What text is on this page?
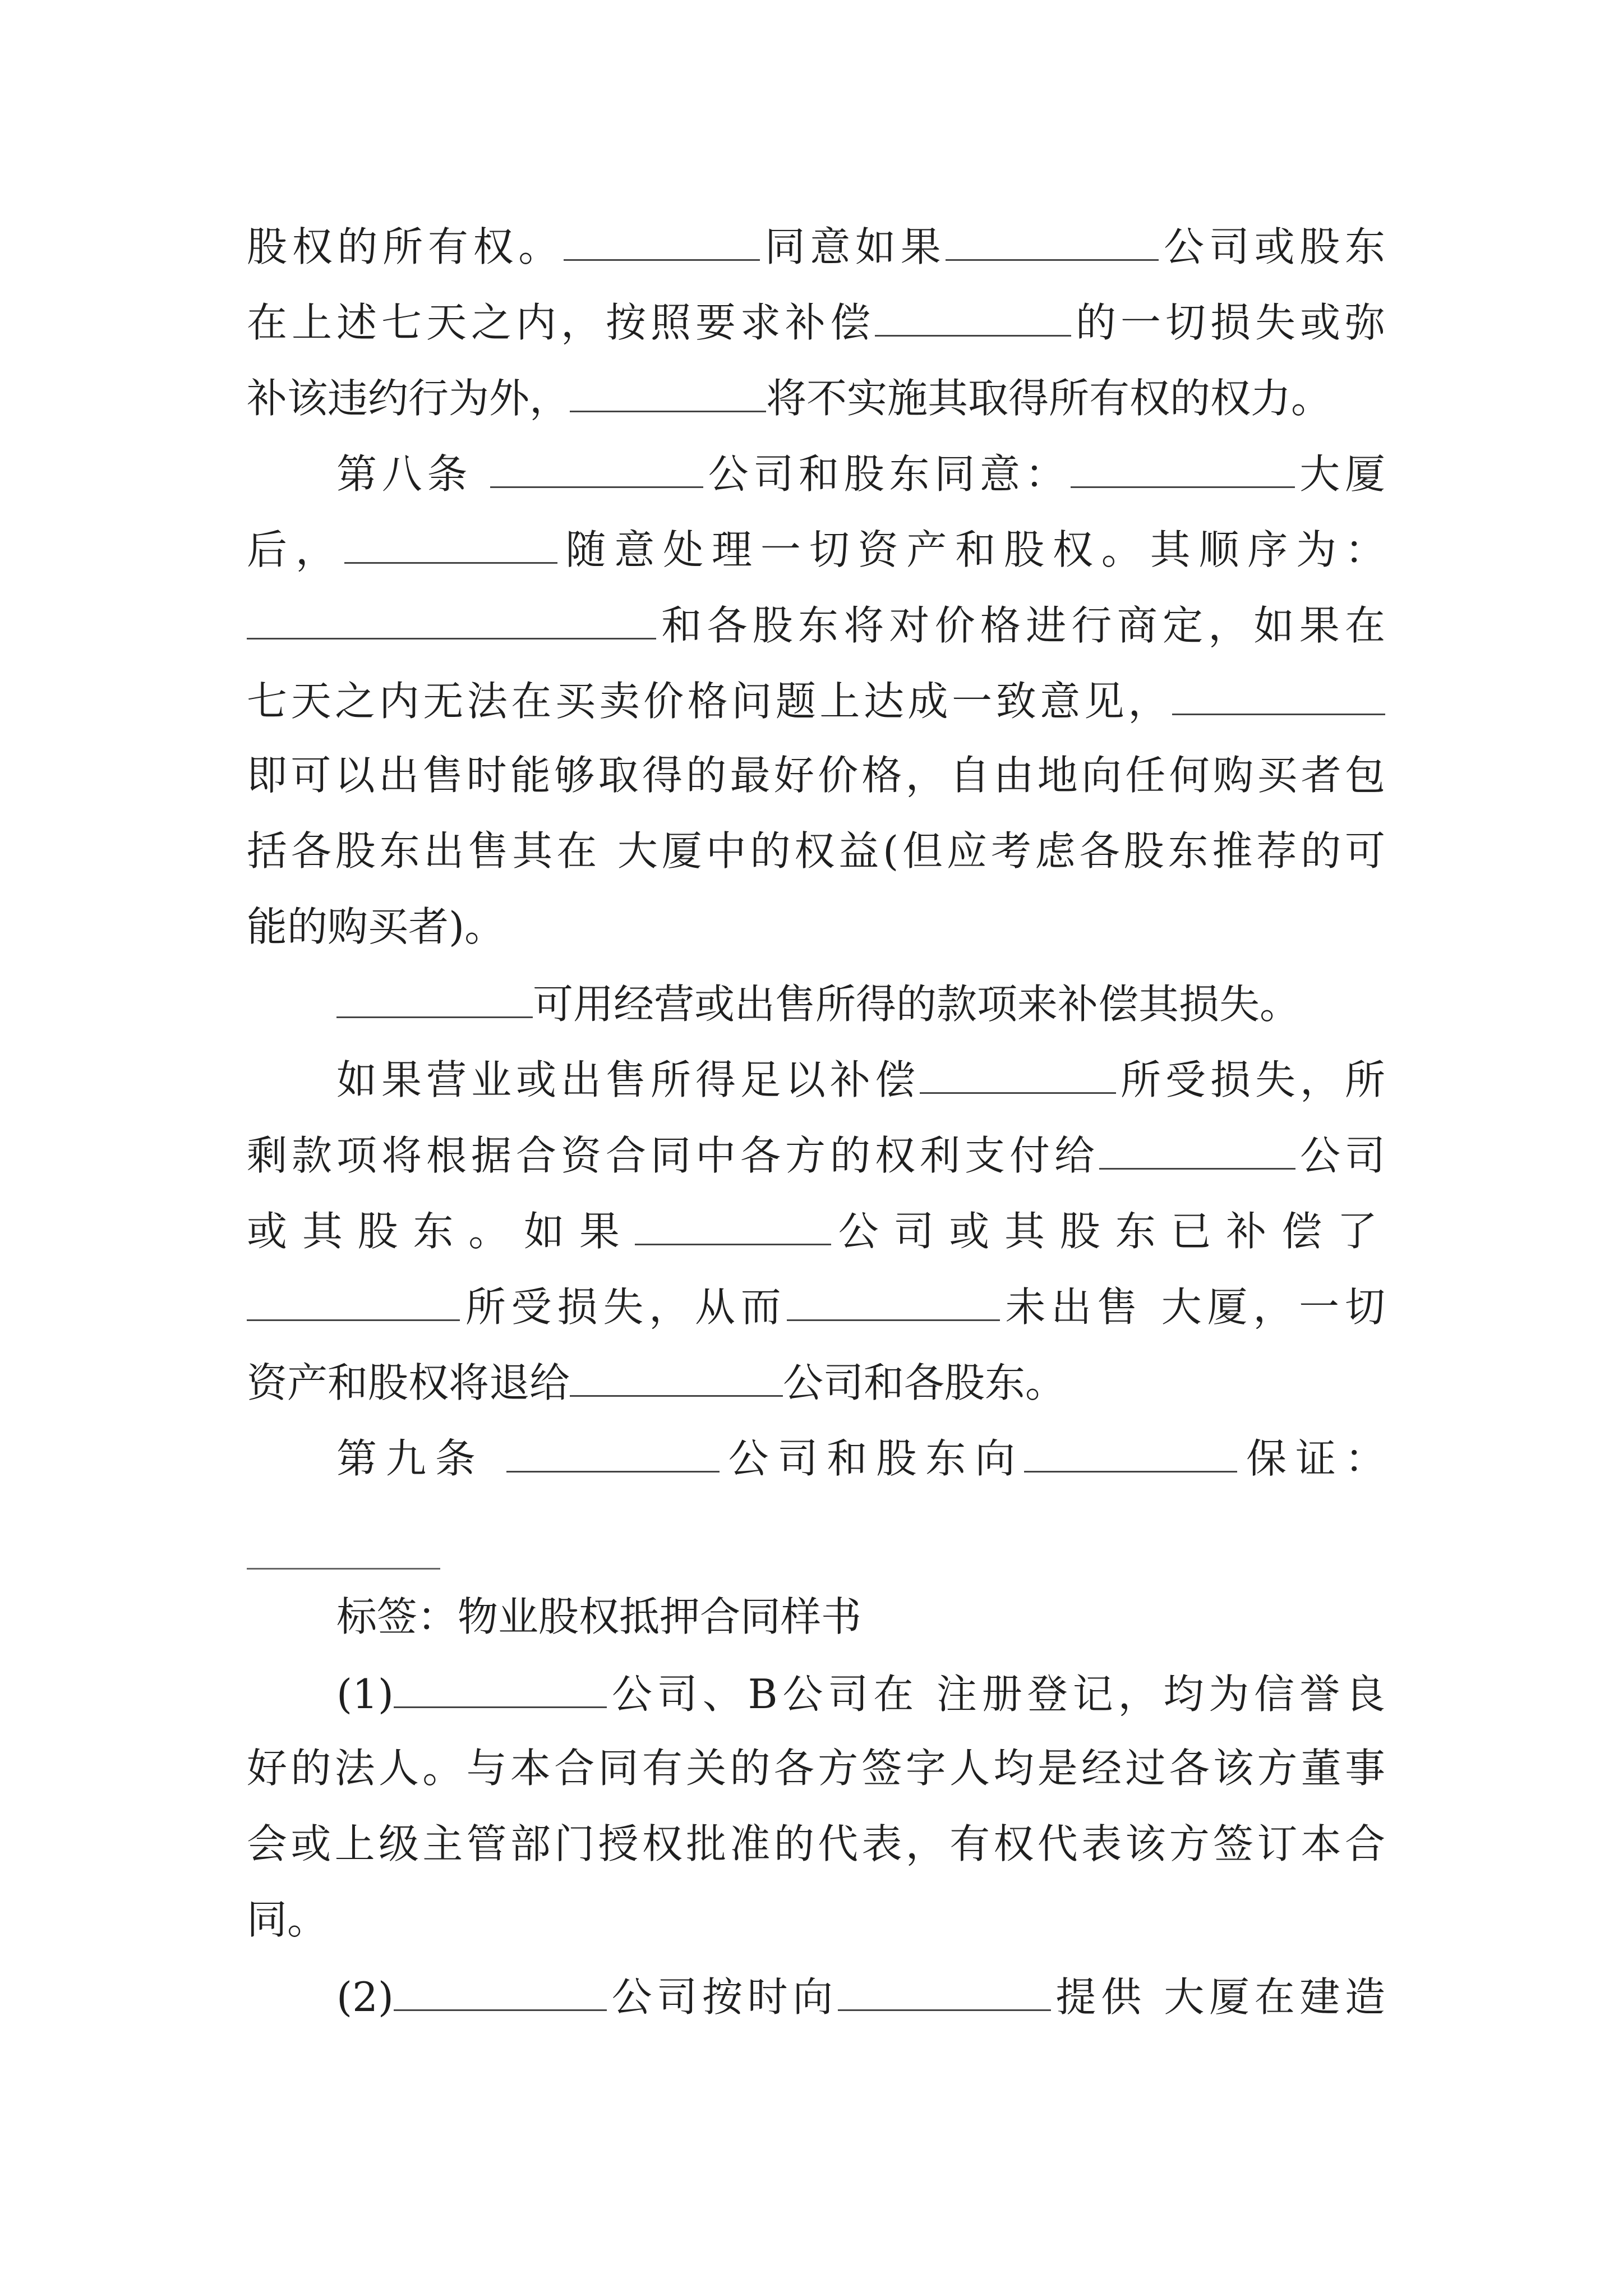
股权的所有权。	同意如果	公司或股东
在上述七天之内，按照要求补偿	的一切损失或弥
补该违约行为外，	将不实施其取得所有权的权力。
第八条	公司和股东同意：	大厦
后，	随意处理一切资产和股权。其顺序为：
和各股东将对价格进行商定，如果在
七天之内无法在买卖价格问题上达成一致意见，
即可以出售时能够取得的最好价格，自由地向任何购买者包
括各股东出售其在 大厦中的权益(但应考虑各股东推荐的可
能的购买者)。
可用经营或出售所得的款项来补偿其损失。
如果营业或出售所得足以补偿	所受损失，所
剩款项将根据合资合同中各方的权利支付给	公司
或其股东。如果	公司或其股东已补偿了
所受损失，从而	未出售 大厦，一切
资产和股权将退给	公司和各股东。
第九条	公司和股东向	保证：
标签：物业股权抵押合同样书
(1)	公司、B公司在 注册登记，均为信誉良
好的法人。与本合同有关的各方签字人均是经过各该方董事
会或上级主管部门授权批准的代表，有权代表该方签订本合
同。
(2)	公司按时向	提供 大厦在建造
